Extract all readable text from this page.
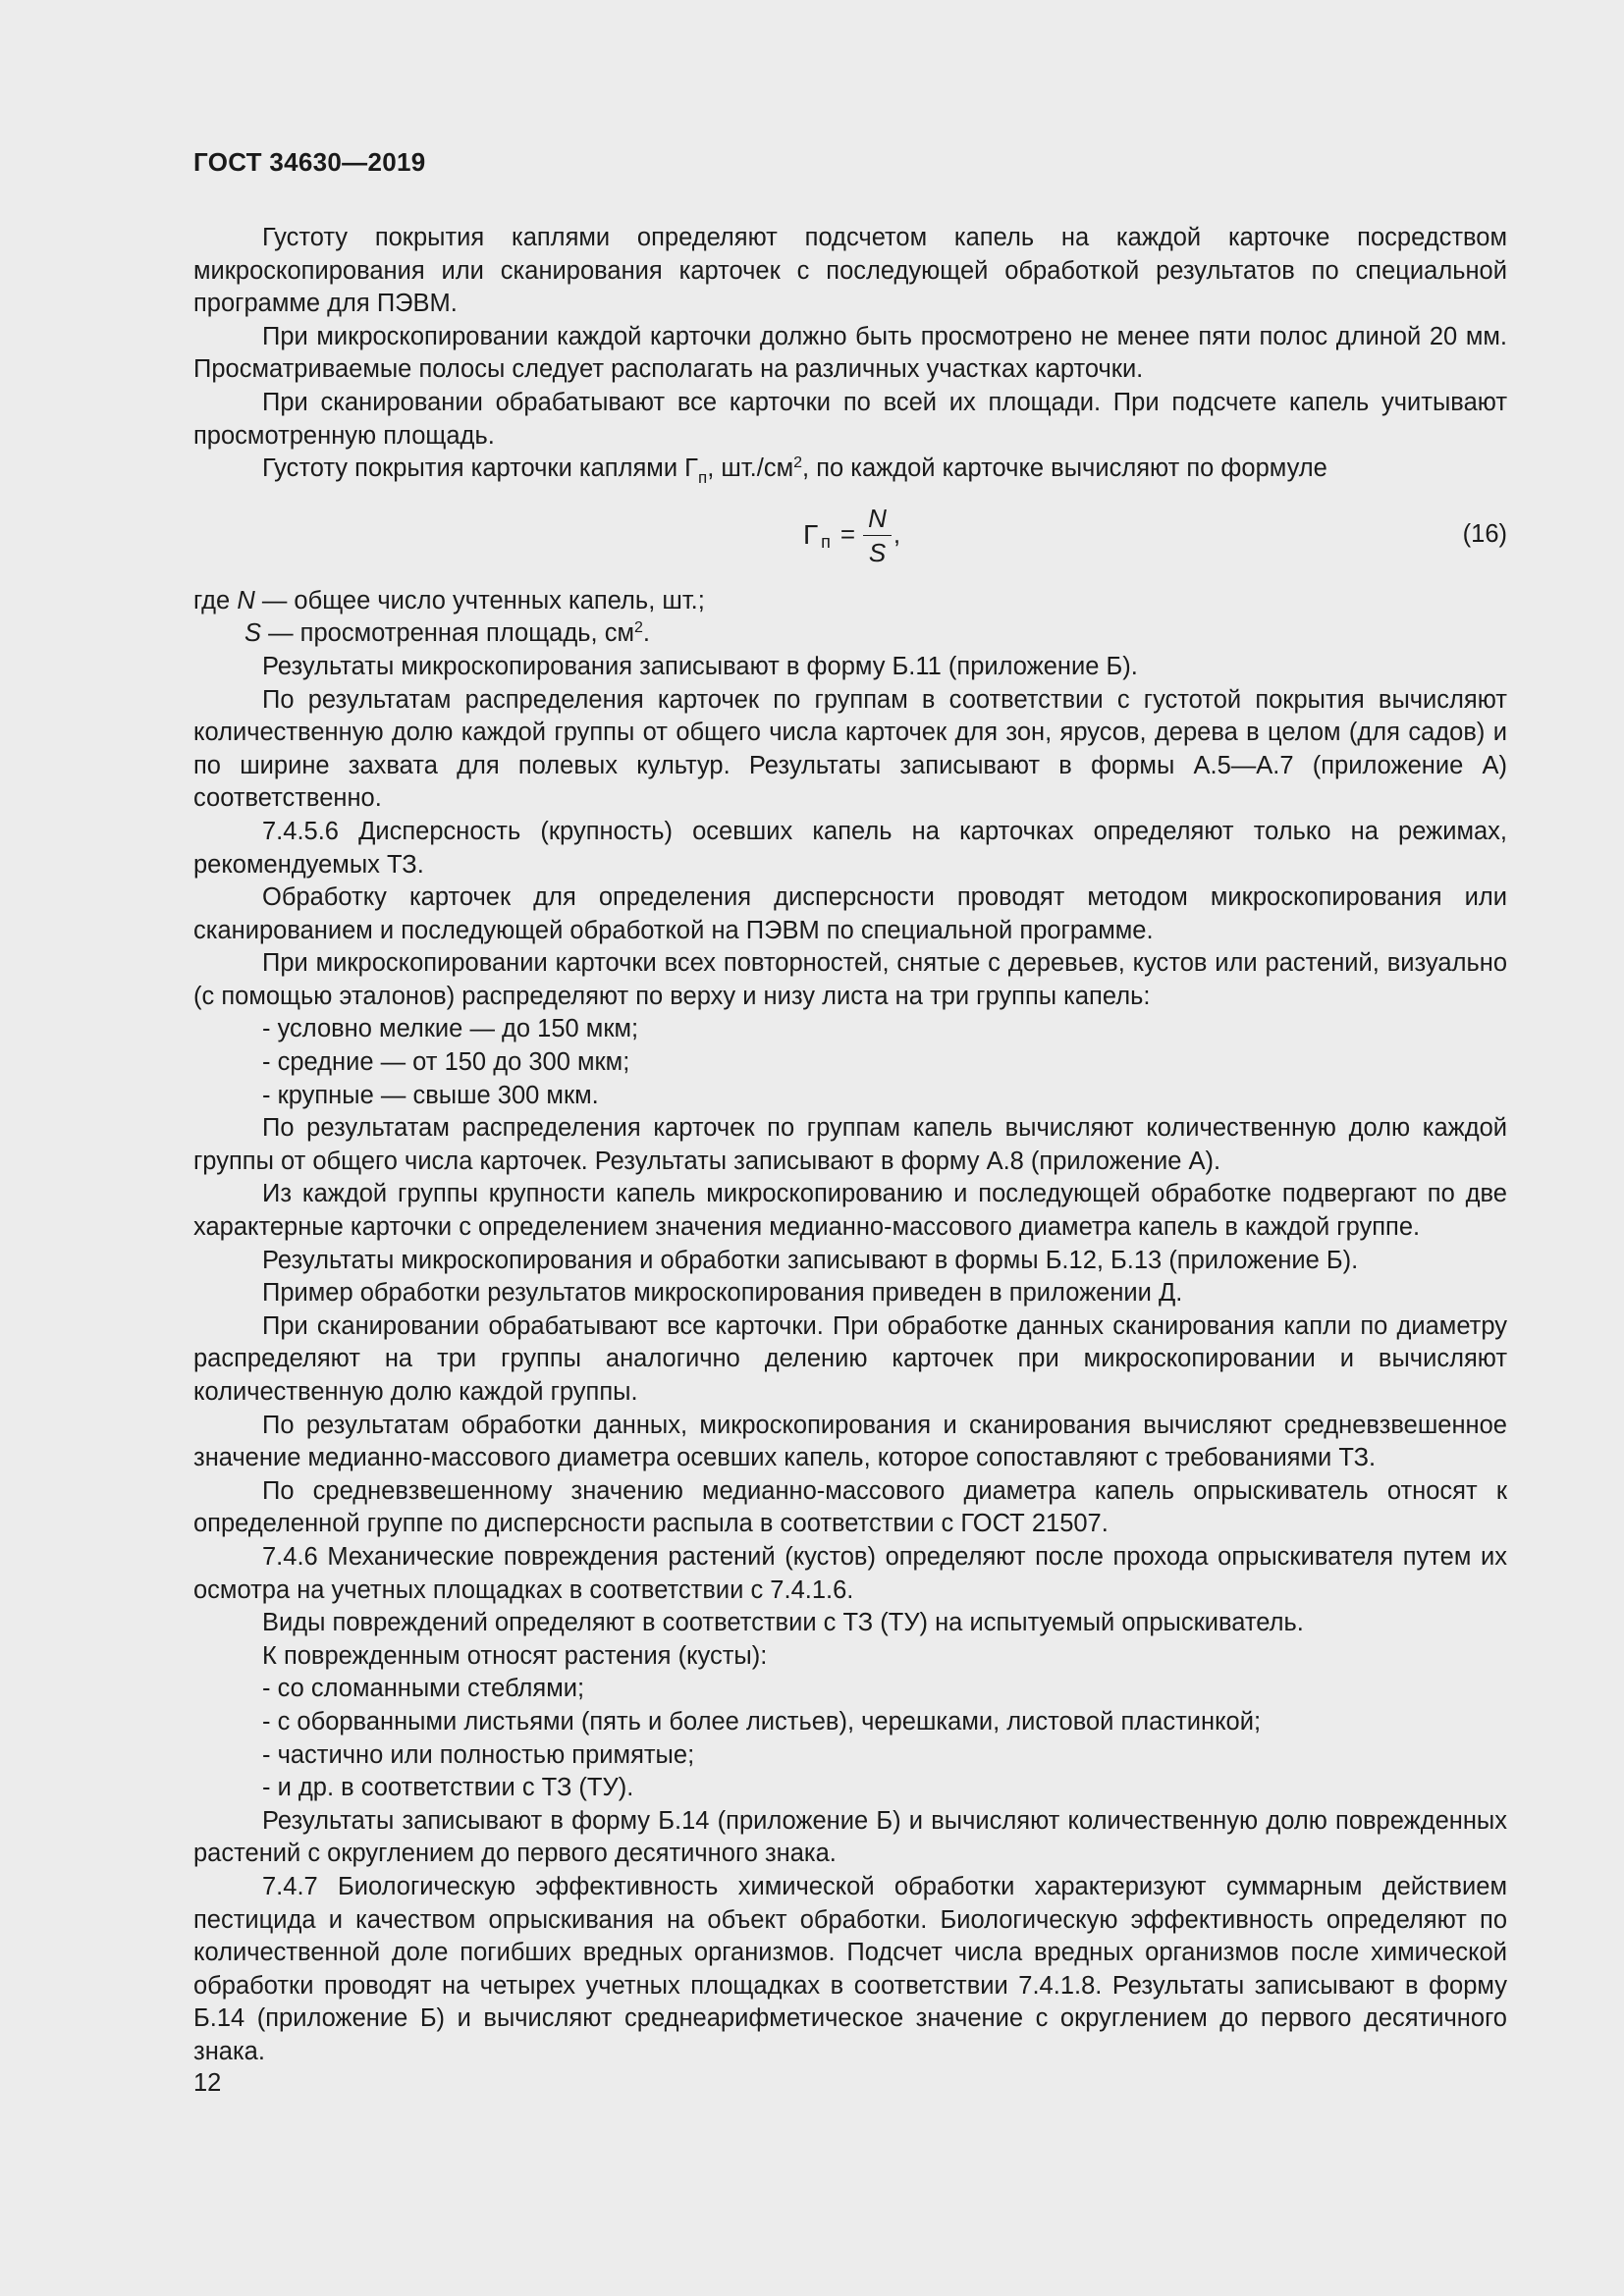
ГОСТ 34630—2019

Густоту покрытия каплями определяют подсчетом капель на каждой карточке посредством микроскопирования или сканирования карточек с последующей обработкой результатов по специальной программе для ПЭВМ.

При микроскопировании каждой карточки должно быть просмотрено не менее пяти полос длиной 20 мм. Просматриваемые полосы следует располагать на различных участках карточки.

При сканировании обрабатывают все карточки по всей их площади. При подсчете капель учитывают просмотренную площадь.

Густоту покрытия карточки каплями $Г_п$, $шт./см^2$, по каждой карточке вычисляют по формуле

Г $п = \frac{N}{S}$ ,	(16)

где N — общее число учтенных капель, шт.;

S — просмотренная площадь, $см^2$.

Результаты микроскопирования записывают в форму Б.11 (приложение Б).

По результатам распределения карточек по группам в соответствии с густотой покрытия вычисляют количественную долю каждой группы от общего числа карточек для зон, ярусов, дерева в целом (для садов) и по ширине захвата для полевых культур. Результаты записывают в формы А.5—А.7 (приложение А) соответственно.

7.4.5.6 Дисперсность (крупность) осевших капель на карточках определяют только на режимах, рекомендуемых ТЗ.

Обработку карточек для определения дисперсности проводят методом микроскопирования или сканированием и последующей обработкой на ПЭВМ по специальной программе.

При микроскопировании карточки всех повторностей, снятые с деревьев, кустов или растений, визуально (с помощью эталонов) распределяют по верху и низу листа на три группы капель:

- условно мелкие — до 150 мкм;

- средние — от 150 до 300 мкм;

- крупные — свыше 300 мкм.

По результатам распределения карточек по группам капель вычисляют количественную долю каждой группы от общего числа карточек. Результаты записывают в форму А.8 (приложение А).

Из каждой группы крупности капель микроскопированию и последующей обработке подвергают по две характерные карточки с определением значения медианно-массового диаметра капель в каждой группе.

Результаты микроскопирования и обработки записывают в формы Б.12, Б.13 (приложение Б).

Пример обработки результатов микроскопирования приведен в приложении Д.

При сканировании обрабатывают все карточки. При обработке данных сканирования капли по диаметру распределяют на три группы аналогично делению карточек при микроскопировании и вычисляют количественную долю каждой группы.

По результатам обработки данных, микроскопирования и сканирования вычисляют средневзвешенное значение медианно-массового диаметра осевших капель, которое сопоставляют с требованиями ТЗ.

По средневзвешенному значению медианно-массового диаметра капель опрыскиватель относят к определенной группе по дисперсности распыла в соответствии с ГОСТ 21507.

7.4.6 Механические повреждения растений (кустов) определяют после прохода опрыскивателя путем их осмотра на учетных площадках в соответствии с 7.4.1.6.

Виды повреждений определяют в соответствии с ТЗ (ТУ) на испытуемый опрыскиватель.

К поврежденным относят растения (кусты):

- со сломанными стеблями;

- с оборванными листьями (пять и более листьев), черешками, листовой пластинкой;

- частично или полностью примятые;

- и др. в соответствии с ТЗ (ТУ).

Результаты записывают в форму Б.14 (приложение Б) и вычисляют количественную долю поврежденных растений с округлением до первого десятичного знака.

7.4.7 Биологическую эффективность химической обработки характеризуют суммарным действием пестицида и качеством опрыскивания на объект обработки. Биологическую эффективность определяют по количественной доле погибших вредных организмов. Подсчет числа вредных организмов после химической обработки проводят на четырех учетных площадках в соответствии 7.4.1.8. Результаты записывают в форму Б.14 (приложение Б) и вычисляют среднеарифметическое значение с округлением до первого десятичного знака.

12
